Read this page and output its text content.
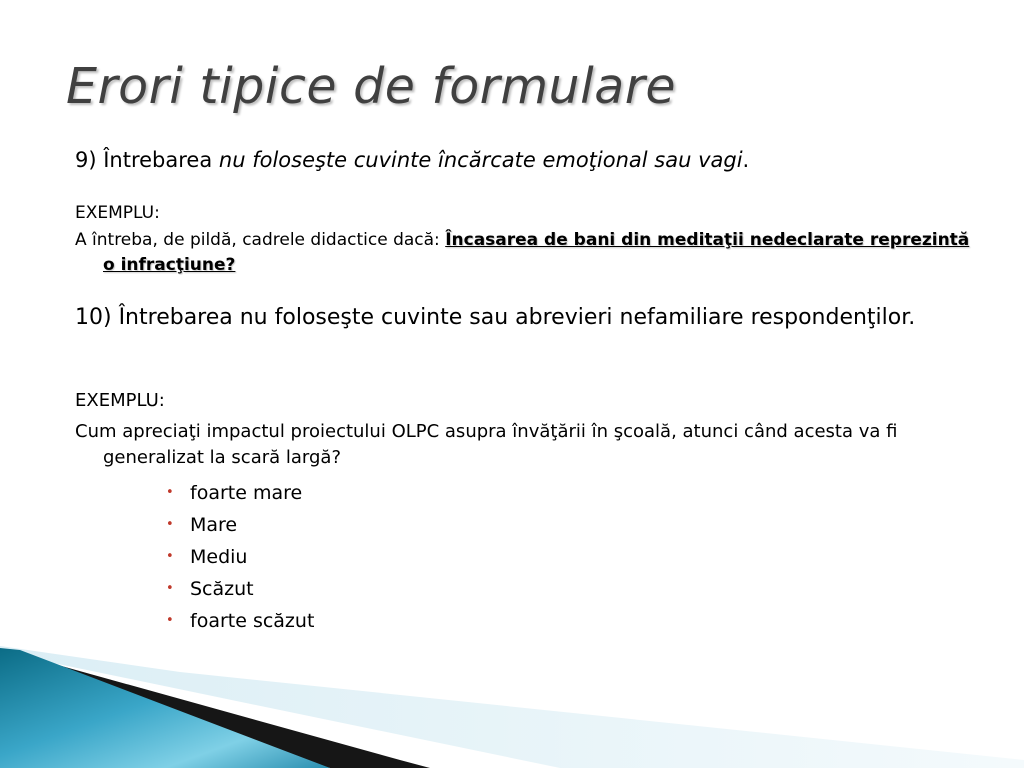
Erori tipice de formulare
9) Întrebarea nu foloseşte cuvinte încărcate emoţional sau vagi.
EXEMPLU:
A întreba, de pildă, cadrele didactice dacă: Încasarea de bani din meditaţii nedeclarate reprezintă o infracţiune?
10) Întrebarea nu foloseşte cuvinte sau abrevieri nefamiliare respondenţilor.
EXEMPLU:
Cum apreciaţi impactul proiectului OLPC asupra învăţării în şcoală, atunci când acesta va fi generalizat la scară largă?
• foarte mare
• Mare
• Mediu
• Scăzut
• foarte scăzut
